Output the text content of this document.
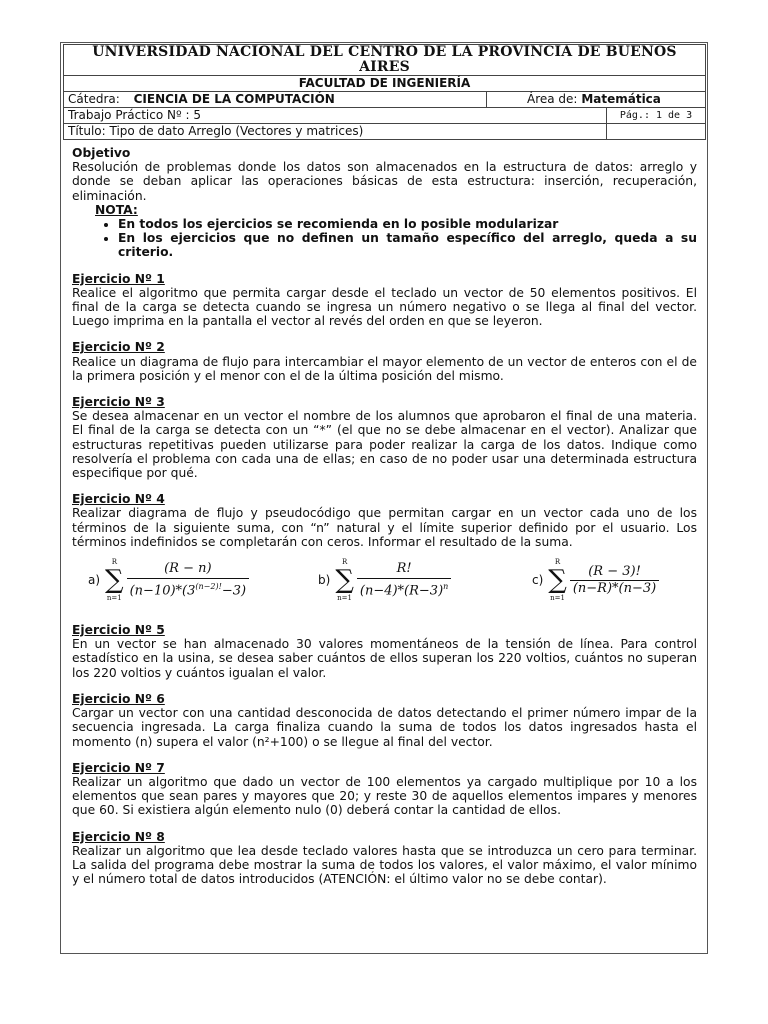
UNIVERSIDAD NACIONAL DEL CENTRO DE LA PROVINCIA DE BUENOS AIRES		
FACULTAD DE INGENIERÍA		
Cátedra: CIENCIA DE LA COMPUTACIÓN	Área de: Matemática	
Trabajo Práctico Nº : 5		Pág.: 1 de 3
Título: Tipo de dato Arreglo (Vectores y matrices)		

Objetivo

Resolución de problemas donde los datos son almacenados en la estructura de datos: arreglo y donde se deban aplicar las operaciones básicas de esta estructura: inserción, recuperación, eliminación.

NOTA:

• En todos los ejercicios se recomienda en lo posible modularizar
• En los ejercicios que no definen un tamaño específico del arreglo, queda a su criterio.

Ejercicio Nº 1

Realice el algoritmo que permita cargar desde el teclado un vector de 50 elementos positivos. El final de la carga se detecta cuando se ingresa un número negativo o se llega al final del vector. Luego imprima en la pantalla el vector al revés del orden en que se leyeron.

Ejercicio Nº 2

Realice un diagrama de flujo para intercambiar el mayor elemento de un vector de enteros con el de la primera posición y el menor con el de la última posición del mismo.

Ejercicio Nº 3

Se desea almacenar en un vector el nombre de los alumnos que aprobaron el final de una materia. El final de la carga se detecta con un “*” (el que no se debe almacenar en el vector). Analizar que estructuras repetitivas pueden utilizarse para poder realizar la carga de los datos. Indique como resolvería el problema con cada una de ellas; en caso de no poder usar una determinada estructura especifique por qué.

Ejercicio Nº 4

Realizar diagrama de flujo y pseudocódigo que permitan cargar en un vector cada uno de los términos de la siguiente suma, con “n” natural y el límite superior definido por el usuario. Los términos indefinidos se completarán con ceros. Informar el resultado de la suma.

a)
R
∑
n=1
$\frac{(R - n)}{(n-10)*(3^{(n-2)!}-3)}$	b)
R
∑
n=1
$\frac{R!}{(n-4)*(R-3)^n}$	c)
R
∑
n=1
$\frac{(R - 3)!}{(n-R)*(n-3)}$

Ejercicio Nº 5

En un vector se han almacenado 30 valores momentáneos de la tensión de línea. Para control estadístico en la usina, se desea saber cuántos de ellos superan los 220 voltios, cuántos no superan los 220 voltios y cuántos igualan el valor.

Ejercicio Nº 6

Cargar un vector con una cantidad desconocida de datos detectando el primer número impar de la secuencia ingresada. La carga finaliza cuando la suma de todos los datos ingresados hasta el momento (n) supera el valor (n²+100) o se llegue al final del vector.

Ejercicio Nº 7

Realizar un algoritmo que dado un vector de 100 elementos ya cargado multiplique por 10 a los elementos que sean pares y mayores que 20; y reste 30 de aquellos elementos impares y menores que 60. Si existiera algún elemento nulo (0) deberá contar la cantidad de ellos.

Ejercicio Nº 8

Realizar un algoritmo que lea desde teclado valores hasta que se introduzca un cero para terminar. La salida del programa debe mostrar la suma de todos los valores, el valor máximo, el valor mínimo y el número total de datos introducidos (ATENCIÓN: el último valor no se debe contar).
